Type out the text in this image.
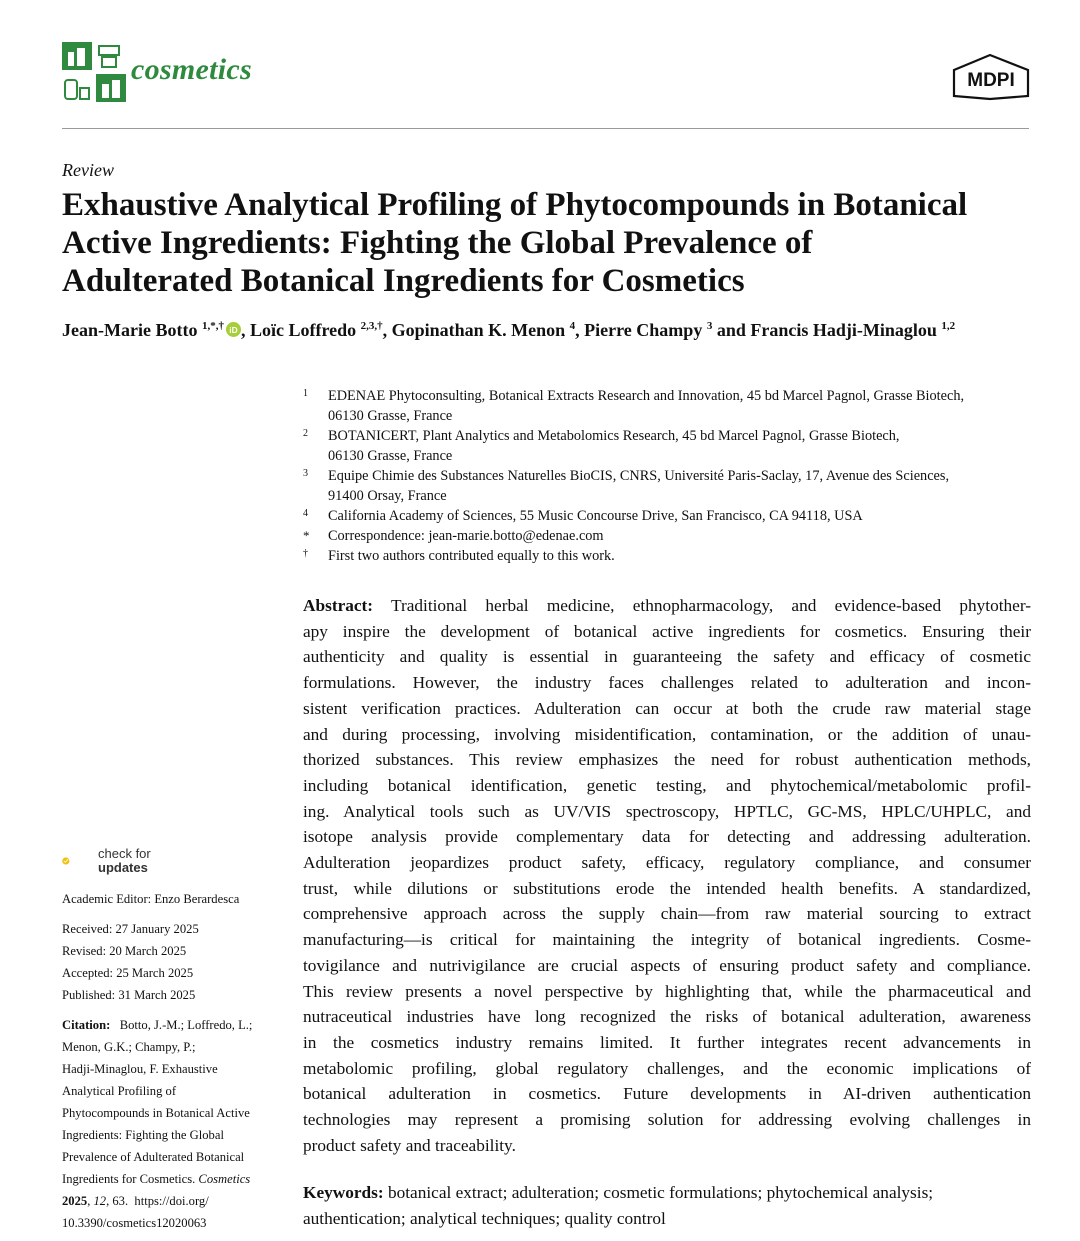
cosmetics	MDPI
Review
Exhaustive Analytical Profiling of Phytocompounds in Botanical
Active Ingredients: Fighting the Global Prevalence of
Adulterated Botanical Ingredients for Cosmetics
Jean-Marie Botto $^{1,*,\dagger}$ iD , Loïc Loffredo $^{2,3,\dagger}$, Gopinathan K. Menon $^4$, Pierre Champy $^3$ and Francis Hadji-Minaglou $^{1,2}$
1 EDENAE Phytoconsulting, Botanical Extracts Research and Innovation, 45 bd Marcel Pagnol, Grasse Biotech,
06130 Grasse, France
2 BOTANICERT, Plant Analytics and Metabolomics Research, 45 bd Marcel Pagnol, Grasse Biotech,
06130 Grasse, France
3 Equipe Chimie des Substances Naturelles BioCIS, CNRS, Université Paris-Saclay, 17, Avenue des Sciences,
91400 Orsay, France
4 California Academy of Sciences, 55 Music Concourse Drive, San Francisco, CA 94118, USA
* Correspondence: jean-marie.botto@edenae.com
† First two authors contributed equally to this work.
Abstract: Traditional herbal medicine, ethnopharmacology, and evidence-based phytother-
apy inspire the development of botanical active ingredients for cosmetics. Ensuring their
authenticity and quality is essential in guaranteeing the safety and efficacy of cosmetic
formulations. However, the industry faces challenges related to adulteration and incon-
sistent verification practices. Adulteration can occur at both the crude raw material stage
and during processing, involving misidentification, contamination, or the addition of unau-
thorized substances. This review emphasizes the need for robust authentication methods,
including botanical identification, genetic testing, and phytochemical/metabolomic profil-
ing. Analytical tools such as UV/VIS spectroscopy, HPTLC, GC-MS, HPLC/UHPLC, and
isotope analysis provide complementary data for detecting and addressing adulteration.
Adulteration jeopardizes product safety, efficacy, regulatory compliance, and consumer
trust, while dilutions or substitutions erode the intended health benefits. A standardized,
comprehensive approach across the supply chain—from raw material sourcing to extract
manufacturing—is critical for maintaining the integrity of botanical ingredients. Cosme-
tovigilance and nutrivigilance are crucial aspects of ensuring product safety and compliance.
This review presents a novel perspective by highlighting that, while the pharmaceutical and
nutraceutical industries have long recognized the risks of botanical adulteration, awareness
in the cosmetics industry remains limited. It further integrates recent advancements in
metabolomic profiling, global regulatory challenges, and the economic implications of
botanical adulteration in cosmetics. Future developments in AI-driven authentication
technologies may represent a promising solution for addressing evolving challenges in
product safety and traceability.
Keywords: botanical extract; adulteration; cosmetic formulations; phytochemical analysis;
authentication; analytical techniques; quality control
check for
updates
Academic Editor: Enzo Berardesca
Received: 27 January 2025
Revised: 20 March 2025
Accepted: 25 March 2025
Published: 31 March 2025
Citation: Botto, J.-M.; Loffredo, L.;
Menon, G.K.; Champy, P.;
Hadji-Minaglou, F. Exhaustive
Analytical Profiling of
Phytocompounds in Botanical Active
Ingredients: Fighting the Global
Prevalence of Adulterated Botanical
Ingredients for Cosmetics. Cosmetics
2025, 12, 63. https://doi.org/
10.3390/cosmetics12020063
